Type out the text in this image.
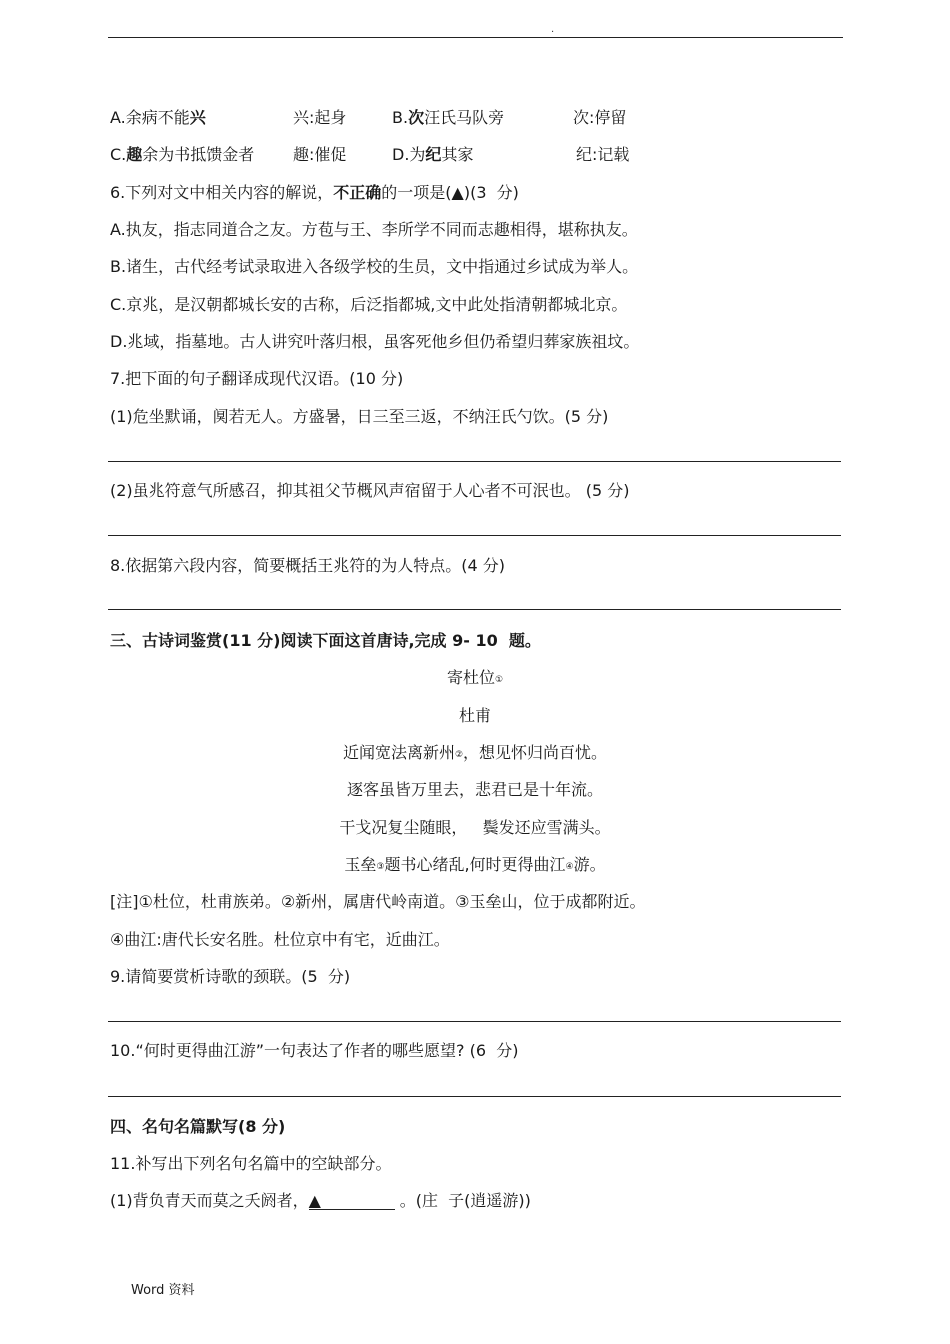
.
A.余病不能兴	兴:起身	B.次汪氏马队旁	次:停留
C.趣余为书抵馈金者 趣:催促	D.为纪其家	纪:记载
6.下列对文中相关内容的解说，不正确的一项是(▲)(3  分)
A.执友，指志同道合之友。方苞与王、李所学不同而志趣相得，堪称执友。
B.诸生，古代经考试录取进入各级学校的生员，文中指通过乡试成为举人。
C.京兆，是汉朝都城长安的古称，后泛指都城,文中此处指清朝都城北京。
D.兆域，指墓地。古人讲究叶落归根，虽客死他乡但仍希望归葬家族祖坟。
7.把下面的句子翻译成现代汉语。(10 分)
(1)危坐默诵，阒若无人。方盛暑，日三至三返，不纳汪氏勺饮。(5 分)
(2)虽兆符意气所感召，抑其祖父节概风声宿留于人心者不可泯也。 (5 分)
8.依据第六段内容，简要概括王兆符的为人特点。(4 分)
三、古诗词鉴赏(11 分)阅读下面这首唐诗,完成 9- 10  题。
寄杜位①
杜甫
近闻宽法离新州②，想见怀归尚百忧。
逐客虽皆万里去，悲君已是十年流。
干戈况复尘随眼，   鬓发还应雪满头。
玉垒③题书心绪乱,何时更得曲江④游。
[注]①杜位，杜甫族弟。②新州，属唐代岭南道。③玉垒山，位于成都附近。
④曲江:唐代长安名胜。杜位京中有宅，近曲江。
9.请简要赏析诗歌的颈联。(5  分)
10.“何时更得曲江游”一句表达了作者的哪些愿望? (6  分)
四、名句名篇默写(8 分)
11.补写出下列名句名篇中的空缺部分。
(1)背负青天而莫之夭阏者，▲	。(庄  子(逍遥游))
Word 资料
